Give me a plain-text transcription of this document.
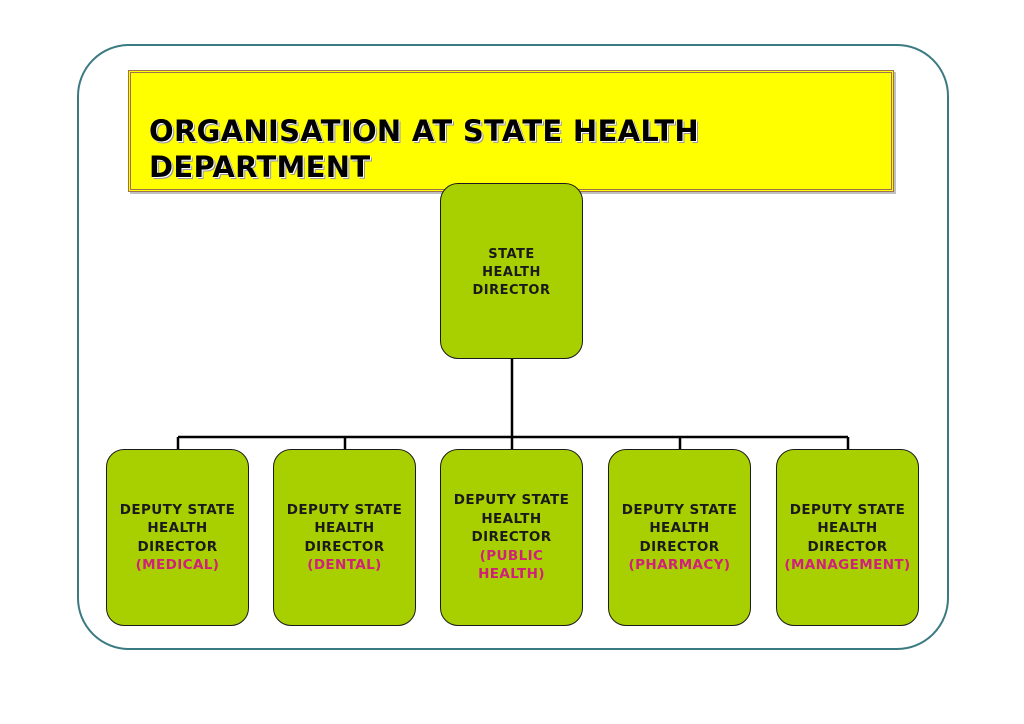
ORGANISATION AT STATE HEALTH
DEPARTMENT
STATE
HEALTH
DIRECTOR
DEPUTY STATE
HEALTH
DIRECTOR
(MEDICAL)
DEPUTY STATE
HEALTH
DIRECTOR
(DENTAL)
DEPUTY STATE
HEALTH
DIRECTOR
(PUBLIC
HEALTH)
DEPUTY STATE
HEALTH
DIRECTOR
(PHARMACY)
DEPUTY STATE
HEALTH
DIRECTOR
(MANAGEMENT)
